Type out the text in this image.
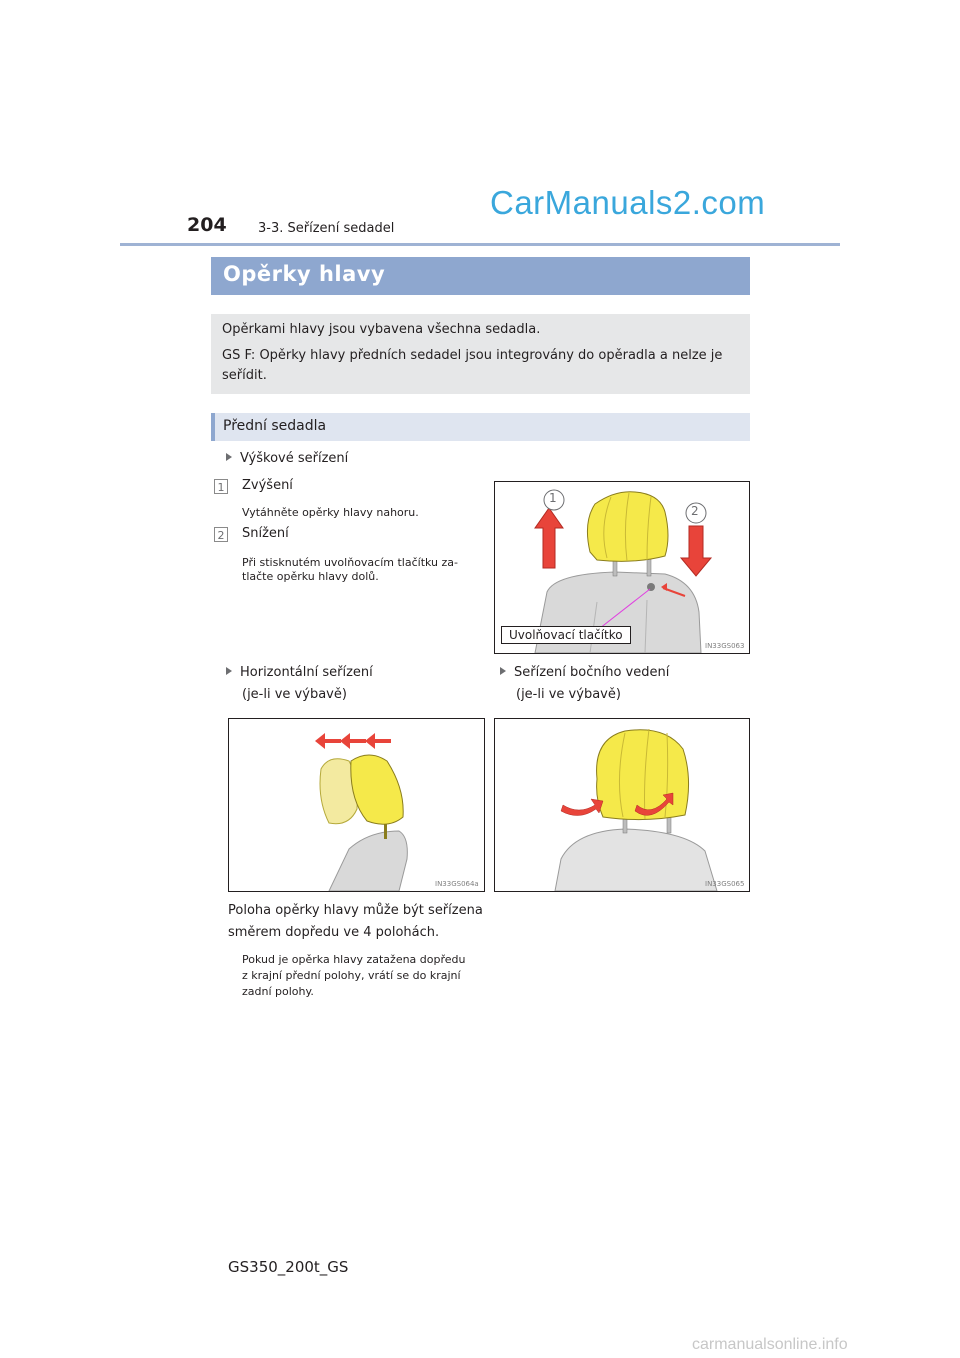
204 3-3. Seřízení sedadel
CarManuals2.com
Opěrky hlavy

Opěrkami hlavy jsou vybavena všechna sedadla.

GS F: Opěrky hlavy předních sedadel jsou integrovány do opěradla a nelze je seřídit.

Přední sedadla
Výškové seřízení
1 Zvýšení
Vytáhněte opěrky hlavy nahoru.
2 Snížení
Při stisknutém uvolňovacím tlačítku za-
tlačte opěrku hlavy dolů.
1
2
Uvolňovací tlačítko
IN33GS063
Horizontální seřízení
(je-li ve výbavě)
Seřízení bočního vedení
(je-li ve výbavě)
IN33GS064a	IN33GS065
Poloha opěrky hlavy může být seřízena
směrem dopředu ve 4 polohách.
Pokud je opěrka hlavy zatažena dopředu
z krajní přední polohy, vrátí se do krajní
zadní polohy.
GS350_200t_GS
carmanualsonline.info
